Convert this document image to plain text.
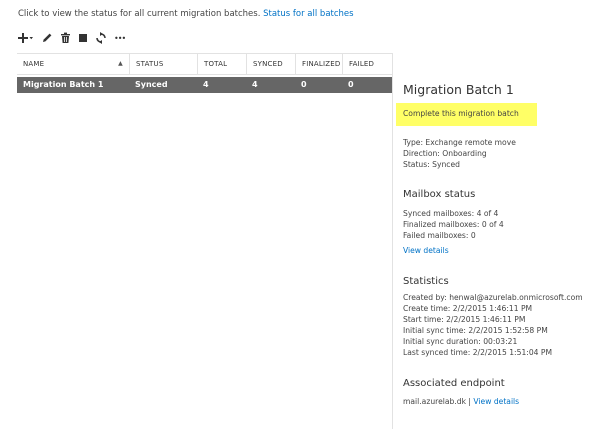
Click to view the status for all current migration batches. Status for all batches
•••
NAME	▲	STATUS	TOTAL	SYNCED	FINALIZED	FAILED
Migration Batch 1	Synced	4	4	0	0	Migration Batch 1
Complete this migration batch
Type: Exchange remote move
Direction: Onboarding
Status: Synced
Mailbox status
Synced mailboxes: 4 of 4
Finalized mailboxes: 0 of 4
Failed mailboxes: 0
View details
Statistics
Created by: henwal@azurelab.onmicrosoft.com
Create time: 2/2/2015 1:46:11 PM
Start time: 2/2/2015 1:46:11 PM
Initial sync time: 2/2/2015 1:52:58 PM
Initial sync duration: 00:03:21
Last synced time: 2/2/2015 1:51:04 PM
Associated endpoint
mail.azurelab.dk | View details
